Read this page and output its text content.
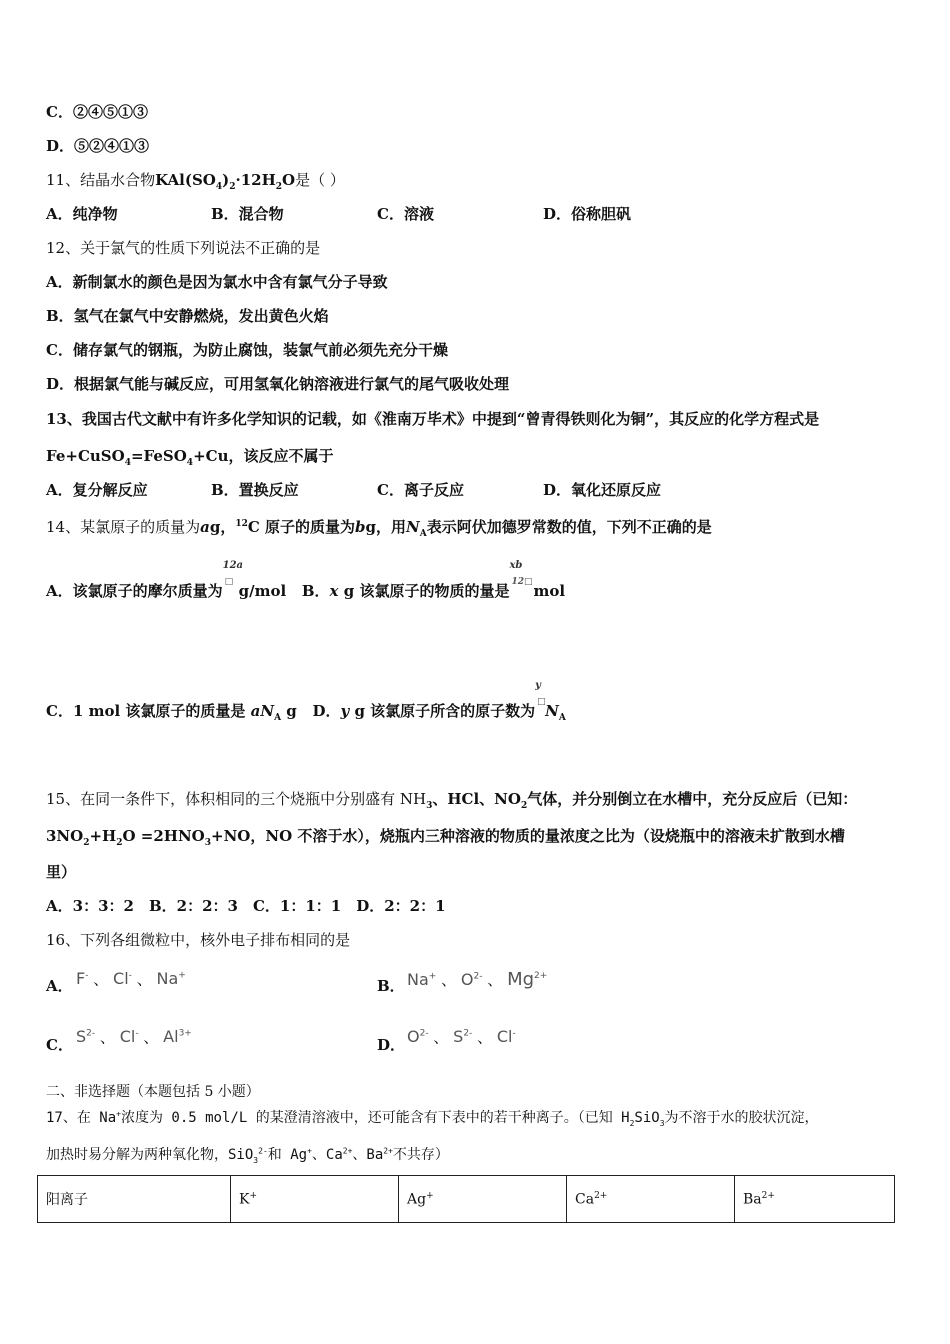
C．②④⑤①③
D．⑤②④①③
11、结晶水合物$KAl(SO_4)_2\cdot 12H_2O$是（ ）
A．纯净物	B．混合物	C．溶液	D．俗称胆矾
12、关于氯气的性质下列说法不正确的是
A．新制氯水的颜色是因为氯水中含有氯气分子导致
B．氢气在氯气中安静燃烧，发出黄色火焰
C．储存氯气的钢瓶，为防止腐蚀，装氯气前必须先充分干燥
D．根据氯气能与碱反应，可用氢氧化钠溶液进行氯气的尾气吸收处理
13、我国古代文献中有许多化学知识的记载，如《淮南万毕术》中提到“曾青得铁则化为铜”，其反应的化学方程式是
Fe+CuSO$_4$=FeSO$_4$+Cu，该反应不属于
A．复分解反应	B．置换反应	C．离子反应	D．氧化还原反应
14、某氯原子的质量为ag，$^{12}$C 原子的质量为bg，用$N_A$表示阿伏加德罗常数的值，下列不正确的是
A．该氯原子的摩尔质量为
12a
□ g/mol B．x g 该氯原子的物质的量是
xb
12□ mol
C．1 mol 该氯原子的质量是 $aN_A$ g D．y g 该氯原子所含的原子数为
y
□ $N_A$
15、在同一条件下，体积相同的三个烧瓶中分别盛有 $NH_3$、HCl、$NO_2$气体，并分别倒立在水槽中，充分反应后（已知：
$3NO_2+H_2O =2HNO_3+NO$，NO 不溶于水），烧瓶内三种溶液的物质的量浓度之比为（设烧瓶中的溶液未扩散到水槽
里）
A．3：3：2　B．2：2：3　C．1：1：1　D．2：2：1
16、下列各组微粒中，核外电子排布相同的是
A． F- 、 Cl- 、 Na+
B． Na+ 、 $O^{2-}$ 、 $Mg^{2+}$
C． $S^{2-}$ 、 Cl- 、 $Al^{3+}$
D． $O^{2-}$ 、 $S^{2-}$ 、 Cl-
二、非选择题（本题包括 5 小题）
17、在 Na+浓度为 0.5 mol/L 的某澄清溶液中，还可能含有下表中的若干种离子。（已知 $H_2SiO_3$为不溶于水的胶状沉淀，
加热时易分解为两种氧化物，SiO$_3^{2-}$和 Ag+、$Ca^{2+}$、$Ba^{2+}$不共存）
阳离子	K+	Ag+	$Ca^{2+}$	$Ba^{2+}$
